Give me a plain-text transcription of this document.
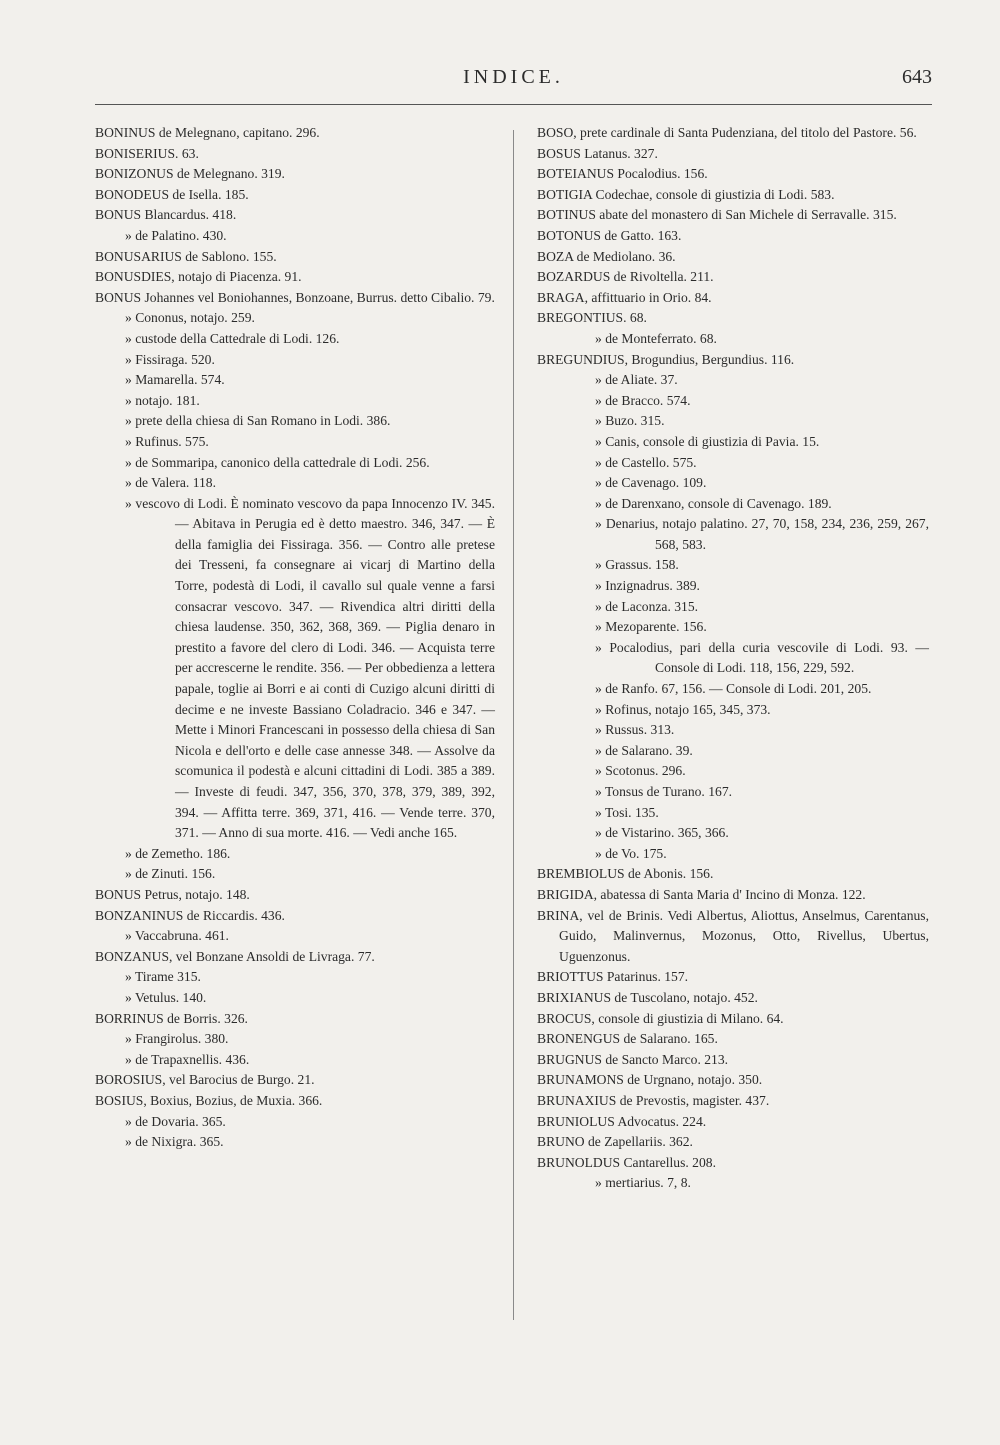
INDICE.	643

BONINUS de Melegnano, capitano. 296.

BONISERIUS. 63.

BONIZONUS de Melegnano. 319.

BONODEUS de Isella. 185.

BONUS Blancardus. 418.

» de Palatino. 430.

BONUSARIUS de Sablono. 155.

BONUSDIES, notajo di Piacenza. 91.

BONUS Johannes vel Boniohannes, Bonzoane, Burrus. detto Cibalio. 79.

» Cononus, notajo. 259.

» custode della Cattedrale di Lodi. 126.

» Fissiraga. 520.

» Mamarella. 574.

» notajo. 181.

» prete della chiesa di San Romano in Lodi. 386.

» Rufinus. 575.

» de Sommaripa, canonico della cattedrale di Lodi. 256.

» de Valera. 118.

» vescovo di Lodi. È nominato vescovo da papa Innocenzo IV. 345. — Abitava in Perugia ed è detto maestro. 346, 347. — È della famiglia dei Fissiraga. 356. — Contro alle pretese dei Tresseni, fa consegnare ai vicarj di Martino della Torre, podestà di Lodi, il cavallo sul quale venne a farsi consacrar vescovo. 347. — Rivendica altri diritti della chiesa laudense. 350, 362, 368, 369. — Piglia denaro in prestito a favore del clero di Lodi. 346. — Acquista terre per accrescerne le rendite. 356. — Per obbedienza a lettera papale, toglie ai Borri e ai conti di Cuzigo alcuni diritti di decime e ne investe Bassiano Coladracio. 346 e 347. — Mette i Minori Francescani in possesso della chiesa di San Nicola e dell'orto e delle case annesse 348. — Assolve da scomunica il podestà e alcuni cittadini di Lodi. 385 a 389. — Investe di feudi. 347, 356, 370, 378, 379, 389, 392, 394. — Affitta terre. 369, 371, 416. — Vende terre. 370, 371. — Anno di sua morte. 416. — Vedi anche 165.

» de Zemetho. 186.

» de Zinuti. 156.

BONUS Petrus, notajo. 148.

BONZANINUS de Riccardis. 436.

» Vaccabruna. 461.

BONZANUS, vel Bonzane Ansoldi de Livraga. 77.

» Tirame 315.

» Vetulus. 140.

BORRINUS de Borris. 326.

» Frangirolus. 380.

» de Trapaxnellis. 436.

BOROSIUS, vel Barocius de Burgo. 21.

BOSIUS, Boxius, Bozius, de Muxia. 366.

» de Dovaria. 365.

» de Nixigra. 365.

BOSO, prete cardinale di Santa Pudenziana, del titolo del Pastore. 56.

BOSUS Latanus. 327.

BOTEIANUS Pocalodius. 156.

BOTIGIA Codechae, console di giustizia di Lodi. 583.

BOTINUS abate del monastero di San Michele di Serravalle. 315.

BOTONUS de Gatto. 163.

BOZA de Mediolano. 36.

BOZARDUS de Rivoltella. 211.

BRAGA, affittuario in Orio. 84.

BREGONTIUS. 68.

» de Monteferrato. 68.

BREGUNDIUS, Brogundius, Bergundius. 116.

» de Aliate. 37.

» de Bracco. 574.

» Buzo. 315.

» Canis, console di giustizia di Pavia. 15.

» de Castello. 575.

» de Cavenago. 109.

» de Darenxano, console di Cavenago. 189.

» Denarius, notajo palatino. 27, 70, 158, 234, 236, 259, 267, 568, 583.

» Grassus. 158.

» Inzignadrus. 389.

» de Laconza. 315.

» Mezoparente. 156.

» Pocalodius, pari della curia vescovile di Lodi. 93. — Console di Lodi. 118, 156, 229, 592.

» de Ranfo. 67, 156. — Console di Lodi. 201, 205.

» Rofinus, notajo 165, 345, 373.

» Russus. 313.

» de Salarano. 39.

» Scotonus. 296.

» Tonsus de Turano. 167.

» Tosi. 135.

» de Vistarino. 365, 366.

» de Vo. 175.

BREMBIOLUS de Abonis. 156.

BRIGIDA, abatessa di Santa Maria d' Incino di Monza. 122.

BRINA, vel de Brinis. Vedi Albertus, Aliottus, Anselmus, Carentanus, Guido, Malinvernus, Mozonus, Otto, Rivellus, Ubertus, Uguenzonus.

BRIOTTUS Patarinus. 157.

BRIXIANUS de Tuscolano, notajo. 452.

BROCUS, console di giustizia di Milano. 64.

BRONENGUS de Salarano. 165.

BRUGNUS de Sancto Marco. 213.

BRUNAMONS de Urgnano, notajo. 350.

BRUNAXIUS de Prevostis, magister. 437.

BRUNIOLUS Advocatus. 224.

BRUNO de Zapellariis. 362.

BRUNOLDUS Cantarellus. 208.

» mertiarius. 7, 8.
